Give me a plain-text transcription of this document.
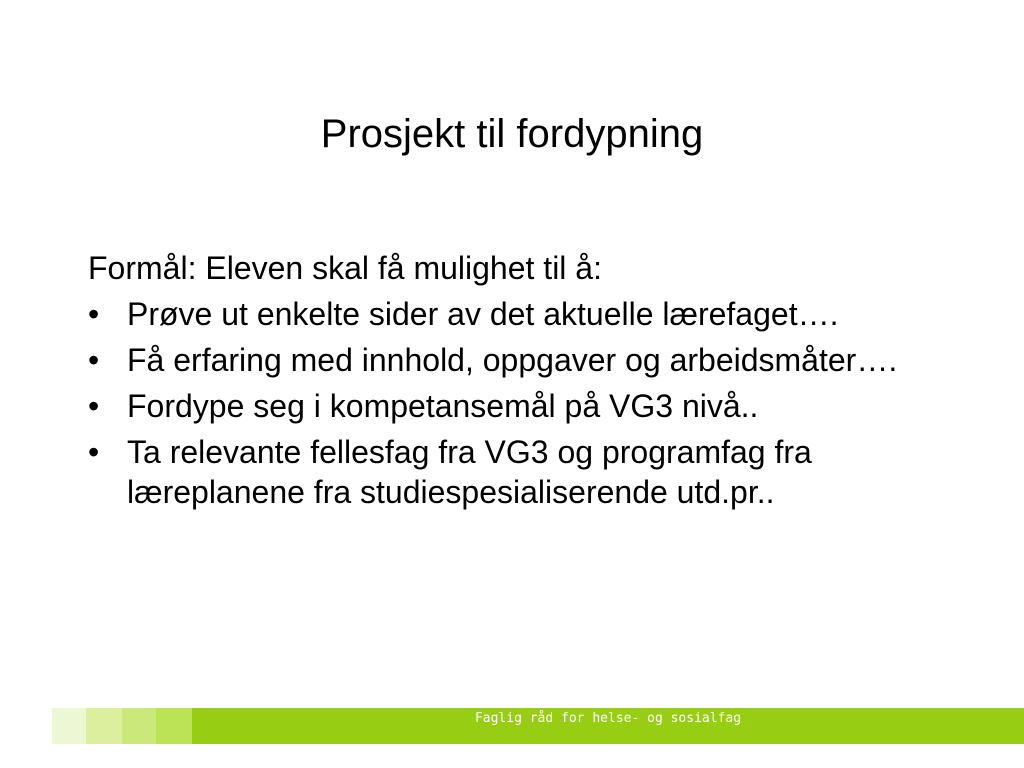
Prosjekt til fordypning

Formål: Eleven skal få mulighet til å:

• Prøve ut enkelte sider av det aktuelle lærefaget….
• Få erfaring med innhold, oppgaver og arbeidsmåter….
• Fordype seg i kompetansemål på VG3 nivå..
• Ta relevante fellesfag fra VG3 og programfag fra læreplanene fra studiespesialiserende utd.pr..
Faglig råd for helse- og sosialfag
